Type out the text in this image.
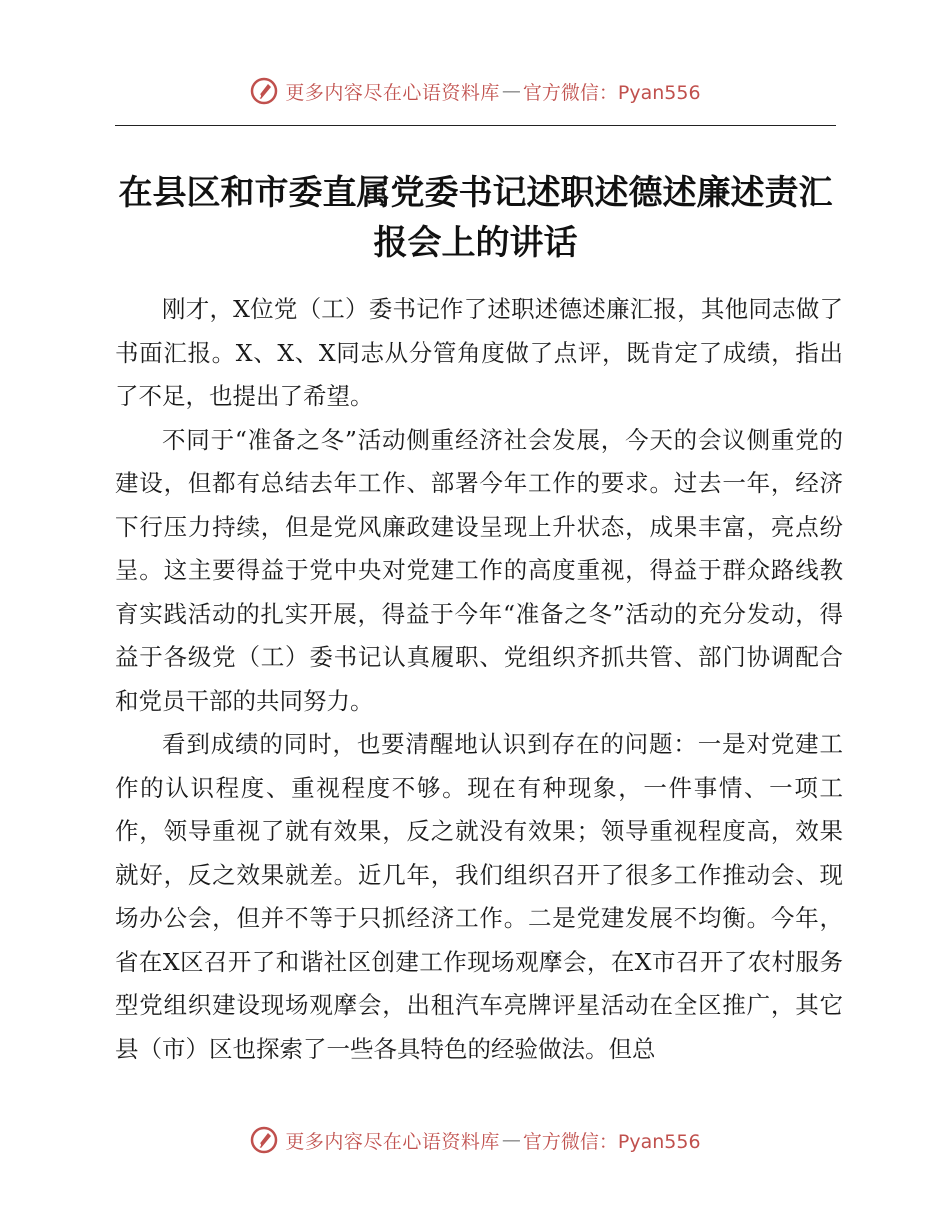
更多内容尽在心语资料库 — 官方微信：Pyan556
在县区和市委直属党委书记述职述德述廉述责汇报会上的讲话

刚才，X位党（工）委书记作了述职述德述廉汇报，其他同志做了书面汇报。X、X、X同志从分管角度做了点评，既肯定了成绩，指出了不足，也提出了希望。

不同于“准备之冬”活动侧重经济社会发展，今天的会议侧重党的建设，但都有总结去年工作、部署今年工作的要求。过去一年，经济下行压力持续，但是党风廉政建设呈现上升状态，成果丰富，亮点纷呈。这主要得益于党中央对党建工作的高度重视，得益于群众路线教育实践活动的扎实开展，得益于今年“准备之冬”活动的充分发动，得益于各级党（工）委书记认真履职、党组织齐抓共管、部门协调配合和党员干部的共同努力。

看到成绩的同时，也要清醒地认识到存在的问题：一是对党建工作的认识程度、重视程度不够。现在有种现象，一件事情、一项工作，领导重视了就有效果，反之就没有效果；领导重视程度高，效果就好，反之效果就差。近几年，我们组织召开了很多工作推动会、现场办公会，但并不等于只抓经济工作。二是党建发展不均衡。今年，省在X区召开了和谐社区创建工作现场观摩会，在X市召开了农村服务型党组织建设现场观摩会，出租汽车亮牌评星活动在全区推广，其它县（市）区也探索了一些各具特色的经验做法。但总

更多内容尽在心语资料库 — 官方微信：Pyan556
